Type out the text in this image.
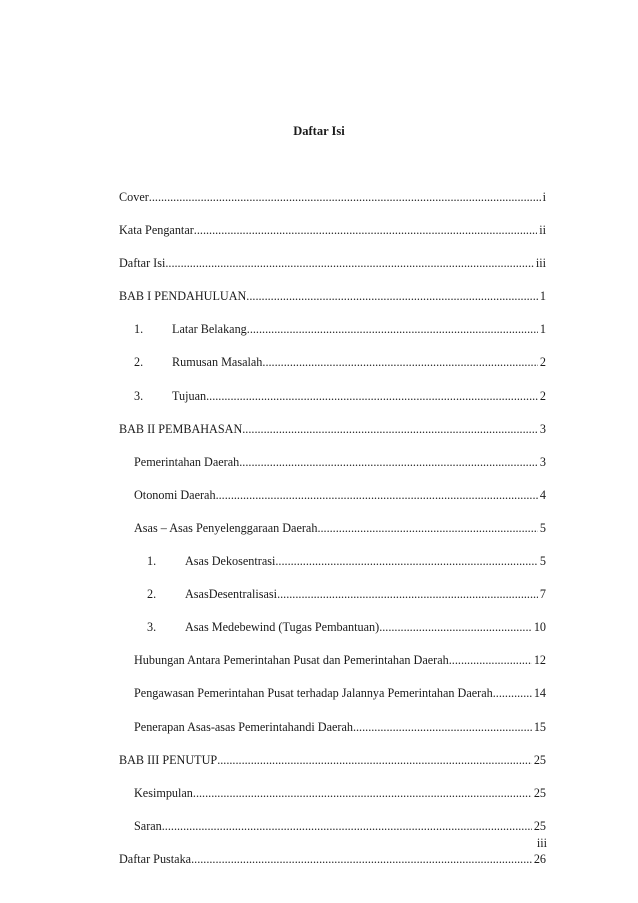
Daftar Isi
Cover .....	i
Kata Pengantar .....	ii
Daftar Isi .....	iii
BAB I PENDAHULUAN .....	1
1.	Latar Belakang .....	1
2.	Rumusan Masalah .....	2
3.	Tujuan .....	2
BAB II PEMBAHASAN .....	3
Pemerintahan Daerah .....	3
Otonomi Daerah .....	4
Asas – Asas Penyelenggaraan Daerah .....	5
1.	Asas Dekosentrasi .....	5
2.	AsasDesentralisasi .....	7
3.	Asas Medebewind (Tugas Pembantuan) .....	10
Hubungan Antara Pemerintahan Pusat dan Pemerintahan Daerah .....	12
Pengawasan Pemerintahan Pusat terhadap Jalannya Pemerintahan Daerah .....	14
Penerapan Asas-asas Pemerintahandi Daerah .....	15
BAB III PENUTUP .....	25
Kesimpulan .....	25
Saran .....	25
Daftar Pustaka .....	26
iii
